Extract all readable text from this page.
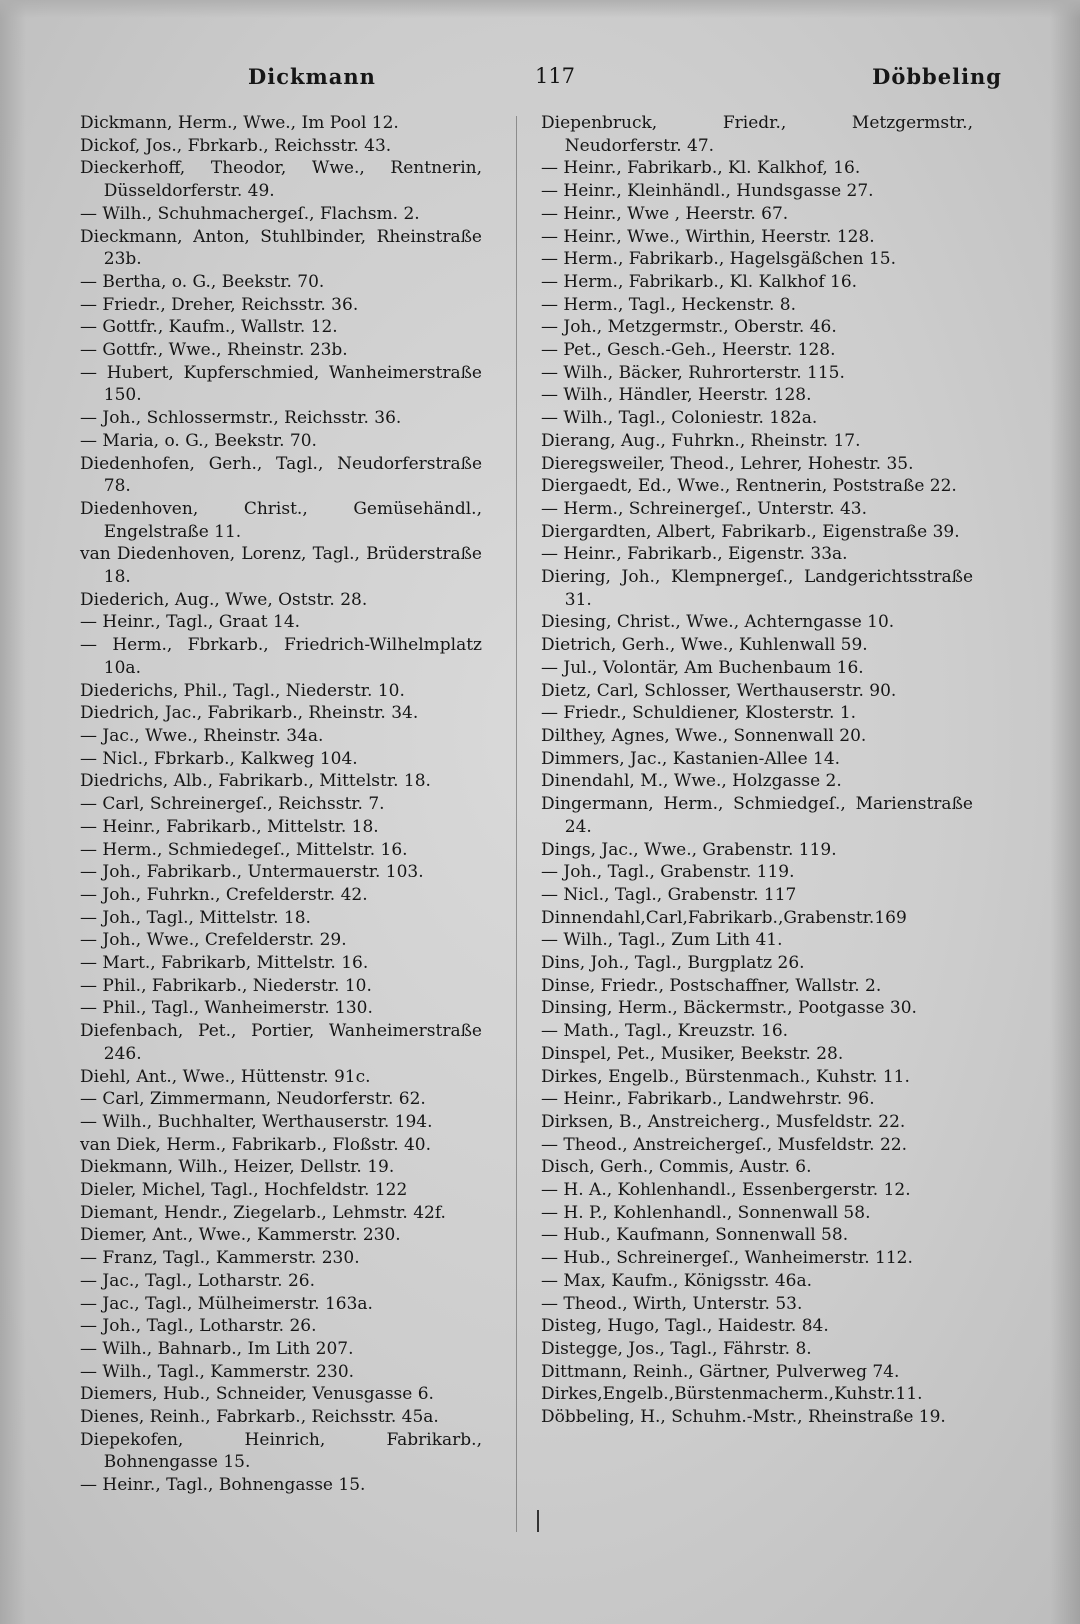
Dickmann	117	Döbbeling

Dickmann, Herm., Wwe., Im Pool 12.

Dickof, Jos., Fbrkarb., Reichsstr. 43.

Dieckerhoff, Theodor, Wwe., Rentnerin, Düsseldorferstr. 49.

— Wilh., Schuhmachergeſ., Flachsm. 2.

Dieckmann, Anton, Stuhlbinder, Rheinstraße 23b.

— Bertha, o. G., Beekstr. 70.

— Friedr., Dreher, Reichsstr. 36.

— Gottfr., Kaufm., Wallstr. 12.

— Gottfr., Wwe., Rheinstr. 23b.

— Hubert, Kupferschmied, Wanheimerstraße 150.

— Joh., Schlossermstr., Reichsstr. 36.

— Maria, o. G., Beekstr. 70.

Diedenhofen, Gerh., Tagl., Neudorferstraße 78.

Diedenhoven, Christ., Gemüsehändl., Engelstraße 11.

van Diedenhoven, Lorenz, Tagl., Brüderstraße 18.

Diederich, Aug., Wwe, Oststr. 28.

— Heinr., Tagl., Graat 14.

— Herm., Fbrkarb., Friedrich-Wilhelmplatz 10a.

Diederichs, Phil., Tagl., Niederstr. 10.

Diedrich, Jac., Fabrikarb., Rheinstr. 34.

— Jac., Wwe., Rheinstr. 34a.

— Nicl., Fbrkarb., Kalkweg 104.

Diedrichs, Alb., Fabrikarb., Mittelstr. 18.

— Carl, Schreinergeſ., Reichsstr. 7.

— Heinr., Fabrikarb., Mittelstr. 18.

— Herm., Schmiedegeſ., Mittelstr. 16.

— Joh., Fabrikarb., Untermauerstr. 103.

— Joh., Fuhrkn., Crefelderstr. 42.

— Joh., Tagl., Mittelstr. 18.

— Joh., Wwe., Crefelderstr. 29.

— Mart., Fabrikarb, Mittelstr. 16.

— Phil., Fabrikarb., Niederstr. 10.

— Phil., Tagl., Wanheimerstr. 130.

Diefenbach, Pet., Portier, Wanheimerstraße 246.

Diehl, Ant., Wwe., Hüttenstr. 91c.

— Carl, Zimmermann, Neudorferstr. 62.

— Wilh., Buchhalter, Werthauserstr. 194.

van Diek, Herm., Fabrikarb., Floßstr. 40.

Diekmann, Wilh., Heizer, Dellstr. 19.

Dieler, Michel, Tagl., Hochfeldstr. 122

Diemant, Hendr., Ziegelarb., Lehmstr. 42f.

Diemer, Ant., Wwe., Kammerstr. 230.

— Franz, Tagl., Kammerstr. 230.

— Jac., Tagl., Lotharstr. 26.

— Jac., Tagl., Mülheimerstr. 163a.

— Joh., Tagl., Lotharstr. 26.

— Wilh., Bahnarb., Im Lith 207.

— Wilh., Tagl., Kammerstr. 230.

Diemers, Hub., Schneider, Venusgasse 6.

Dienes, Reinh., Fabrkarb., Reichsstr. 45a.

Diepekofen, Heinrich, Fabrikarb., Bohnengasse 15.

— Heinr., Tagl., Bohnengasse 15.

Diepenbruck, Friedr., Metzgermstr., Neudorferstr. 47.

— Heinr., Fabrikarb., Kl. Kalkhof, 16.

— Heinr., Kleinhändl., Hundsgasse 27.

— Heinr., Wwe , Heerstr. 67.

— Heinr., Wwe., Wirthin, Heerstr. 128.

— Herm., Fabrikarb., Hagelsgäßchen 15.

— Herm., Fabrikarb., Kl. Kalkhof 16.

— Herm., Tagl., Heckenstr. 8.

— Joh., Metzgermstr., Oberstr. 46.

— Pet., Gesch.-Geh., Heerstr. 128.

— Wilh., Bäcker, Ruhrorterstr. 115.

— Wilh., Händler, Heerstr. 128.

— Wilh., Tagl., Coloniestr. 182a.

Dierang, Aug., Fuhrkn., Rheinstr. 17.

Dieregsweiler, Theod., Lehrer, Hohestr. 35.

Diergaedt, Ed., Wwe., Rentnerin, Poststraße 22.

— Herm., Schreinergeſ., Unterstr. 43.

Diergardten, Albert, Fabrikarb., Eigenstraße 39.

— Heinr., Fabrikarb., Eigenstr. 33a.

Diering, Joh., Klempnergeſ., Landgerichtsstraße 31.

Diesing, Christ., Wwe., Achterngasse 10.

Dietrich, Gerh., Wwe., Kuhlenwall 59.

— Jul., Volontär, Am Buchenbaum 16.

Dietz, Carl, Schlosser, Werthauserstr. 90.

— Friedr., Schuldiener, Klosterstr. 1.

Dilthey, Agnes, Wwe., Sonnenwall 20.

Dimmers, Jac., Kastanien-Allee 14.

Dinendahl, M., Wwe., Holzgasse 2.

Dingermann, Herm., Schmiedgeſ., Marienstraße 24.

Dings, Jac., Wwe., Grabenstr. 119.

— Joh., Tagl., Grabenstr. 119.

— Nicl., Tagl., Grabenstr. 117

Dinnendahl,Carl,Fabrikarb.,Grabenstr.169

— Wilh., Tagl., Zum Lith 41.

Dins, Joh., Tagl., Burgplatz 26.

Dinse, Friedr., Postschaffner, Wallstr. 2.

Dinsing, Herm., Bäckermstr., Pootgasse 30.

— Math., Tagl., Kreuzstr. 16.

Dinspel, Pet., Musiker, Beekstr. 28.

Dirkes, Engelb., Bürstenmach., Kuhstr. 11.

— Heinr., Fabrikarb., Landwehrstr. 96.

Dirksen, B., Anstreicherg., Musfeldstr. 22.

— Theod., Anstreichergeſ., Musfeldstr. 22.

Disch, Gerh., Commis, Austr. 6.

— H. A., Kohlenhandl., Essenbergerstr. 12.

— H. P., Kohlenhandl., Sonnenwall 58.

— Hub., Kaufmann, Sonnenwall 58.

— Hub., Schreinergeſ., Wanheimerstr. 112.

— Max, Kaufm., Königsstr. 46a.

— Theod., Wirth, Unterstr. 53.

Disteg, Hugo, Tagl., Haidestr. 84.

Distegge, Jos., Tagl., Fährstr. 8.

Dittmann, Reinh., Gärtner, Pulverweg 74.

Dirkes,Engelb.,Bürstenmacherm.,Kuhstr.11.

Döbbeling, H., Schuhm.-Mstr., Rheinstraße 19.
